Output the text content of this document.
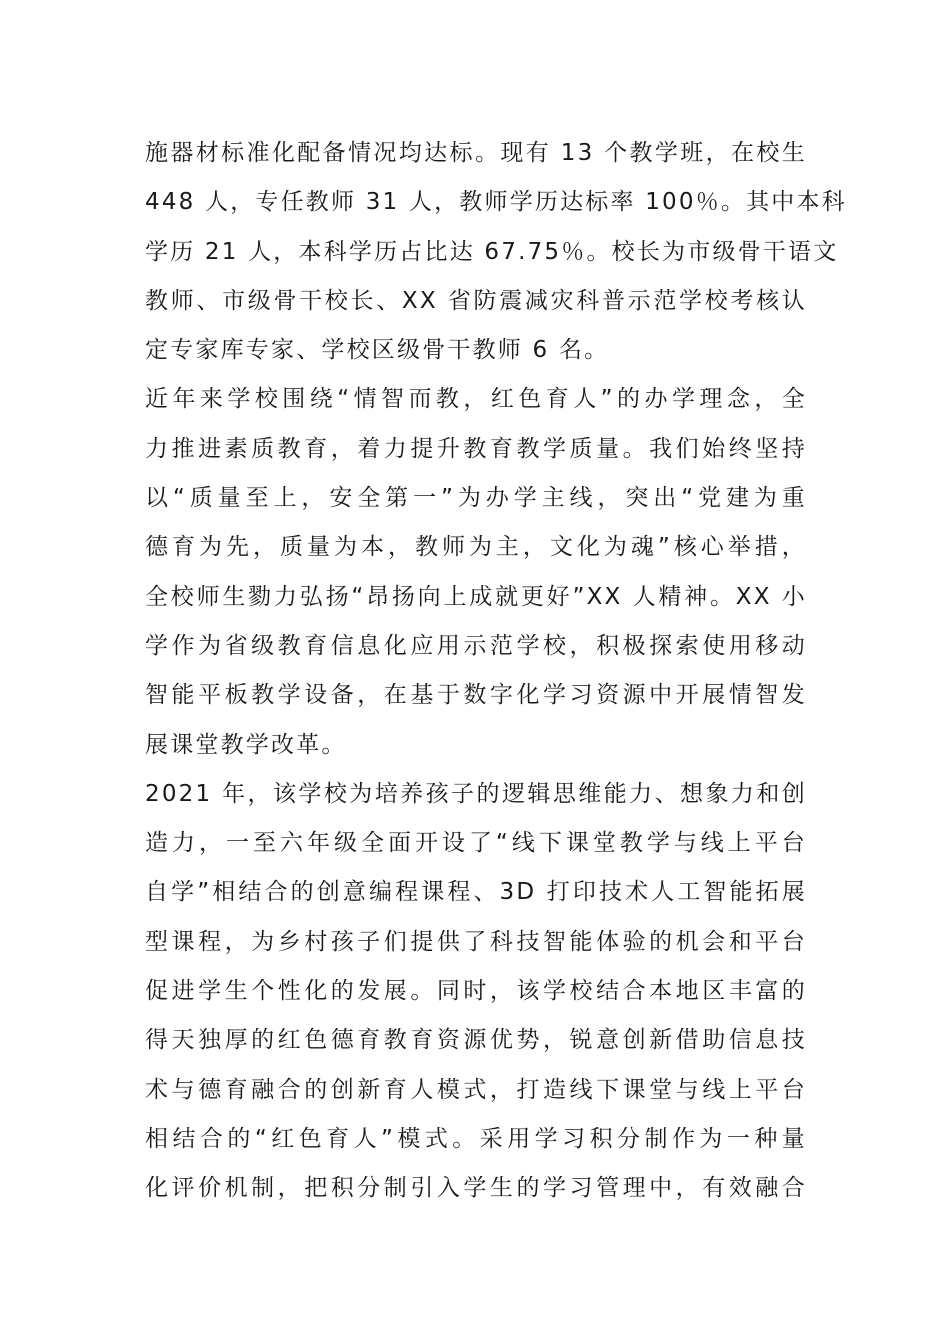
施器材标准化配备情况均达标。现有 13 个教学班，在校生
448 人，专任教师 31 人，教师学历达标率 100％。其中本科
学历 21 人，本科学历占比达 67.75％。校长为市级骨干语文
教师、市级骨干校长、XX 省防震减灾科普示范学校考核认
定专家库专家、学校区级骨干教师 6 名。
近年来学校围绕“情智而教，红色育人”的办学理念，全
力推进素质教育，着力提升教育教学质量。我们始终坚持
以“质量至上，安全第一”为办学主线，突出“党建为重
德育为先，质量为本，教师为主，文化为魂”核心举措，
全校师生勠力弘扬“昂扬向上成就更好”XX 人精神。XX 小
学作为省级教育信息化应用示范学校，积极探索使用移动
智能平板教学设备，在基于数字化学习资源中开展情智发
展课堂教学改革。
2021 年，该学校为培养孩子的逻辑思维能力、想象力和创
造力，一至六年级全面开设了“线下课堂教学与线上平台
自学”相结合的创意编程课程、3D 打印技术人工智能拓展
型课程，为乡村孩子们提供了科技智能体验的机会和平台
促进学生个性化的发展。同时，该学校结合本地区丰富的
得天独厚的红色德育教育资源优势，锐意创新借助信息技
术与德育融合的创新育人模式，打造线下课堂与线上平台
相结合的“红色育人”模式。采用学习积分制作为一种量
化评价机制，把积分制引入学生的学习管理中，有效融合
